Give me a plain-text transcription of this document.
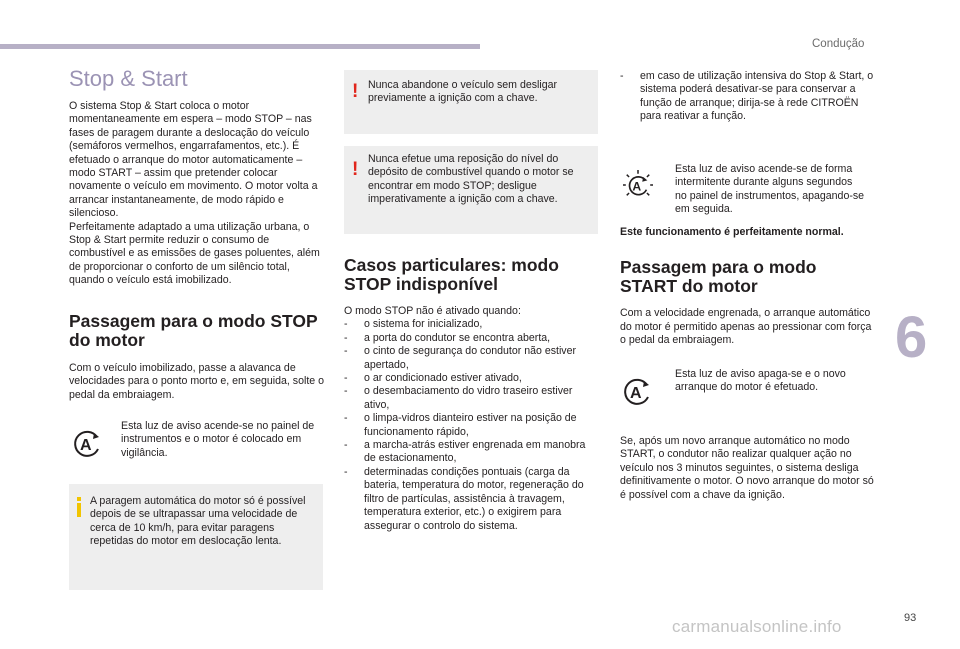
Condução
6
93
carmanualsonline.info
Stop & Start

O sistema Stop & Start coloca o motor momentaneamente em espera – modo STOP – nas fases de paragem durante a deslocação do veículo (semáforos vermelhos, engarrafamentos, etc.). É efetuado o arranque do motor automaticamente – modo START – assim que pretender colocar novamente o veículo em movimento. O motor volta a arrancar instantaneamente, de modo rápido e silencioso.

Perfeitamente adaptado a uma utilização urbana, o Stop & Start permite reduzir o consumo de combustível e as emissões de gases poluentes, além de proporcionar o conforto de um silêncio total, quando o veículo está imobilizado.

Passagem para o modo STOP do motor

Com o veículo imobilizado, passe a alavanca de velocidades para o ponto morto e, em seguida, solte o pedal da embraiagem.

A

Esta luz de aviso acende-se no painel de instrumentos e o motor é colocado em vigilância.

A paragem automática do motor só é possível depois de se ultrapassar uma velocidade de cerca de 10 km/h, para evitar paragens repetidas do motor em deslocação lenta.

! Nunca abandone o veículo sem desligar previamente a ignição com a chave.

! Nunca efetue uma reposição do nível do depósito de combustível quando o motor se encontrar em modo STOP; desligue imperativamente a ignição com a chave.

Casos particulares: modo STOP indisponível

O modo STOP não é ativado quando:

- o sistema for inicializado,
- a porta do condutor se encontra aberta,
- o cinto de segurança do condutor não estiver apertado,
- o ar condicionado estiver ativado,
- o desembaciamento do vidro traseiro estiver ativo,
- o limpa-vidros dianteiro estiver na posição de funcionamento rápido,
- a marcha-atrás estiver engrenada em manobra de estacionamento,
- determinadas condições pontuais (carga da bateria, temperatura do motor, regeneração do filtro de partículas, assistência à travagem, temperatura exterior, etc.) o exigirem para assegurar o controlo do sistema.
- em caso de utilização intensiva do Stop & Start, o sistema poderá desativar-se para conservar a função de arranque; dirija-se à rede CITROËN para reativar a função.
A

Esta luz de aviso acende-se de forma intermitente durante alguns segundos no painel de instrumentos, apagando-se em seguida.

Este funcionamento é perfeitamente normal.

Passagem para o modo START do motor

Com a velocidade engrenada, o arranque automático do motor é permitido apenas ao pressionar com força o pedal da embraiagem.

A

Esta luz de aviso apaga-se e o novo arranque do motor é efetuado.

Se, após um novo arranque automático no modo START, o condutor não realizar qualquer ação no veículo nos 3 minutos seguintes, o sistema desliga definitivamente o motor. O novo arranque do motor só é possível com a chave da ignição.
